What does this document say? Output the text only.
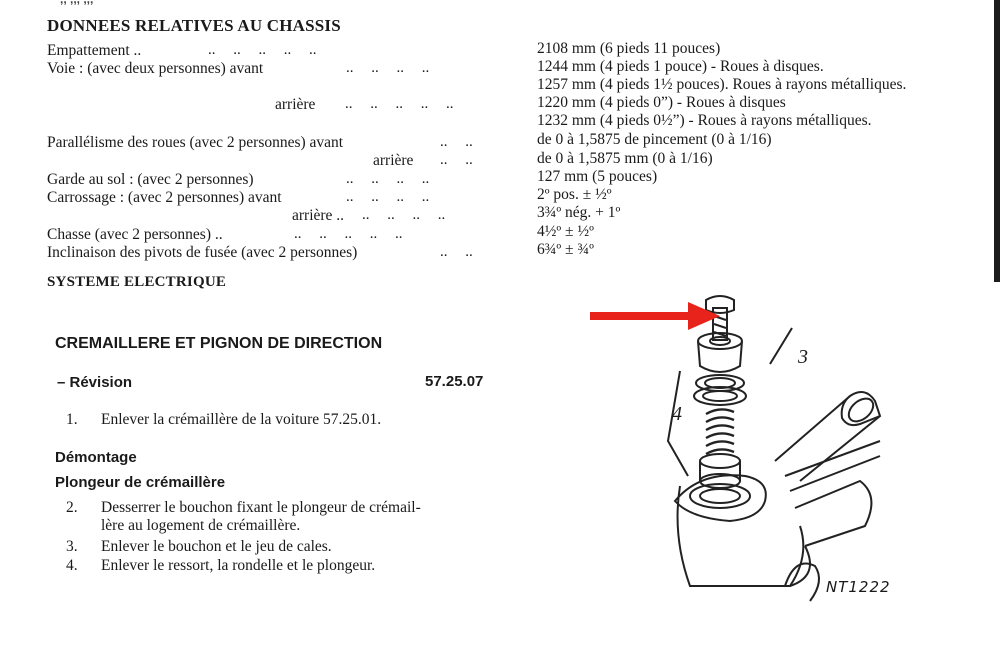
DONNEES RELATIVES AU CHASSIS
Empattement ..	.. .. .. .. ..	2108 mm (6 pieds 11 pouces)
Voie : (avec deux personnes) avant	.. .. .. ..	1244 mm (4 pieds 1 pouce) - Roues à disques.
1257 mm (4 pieds 1½ pouces). Roues à rayons métalliques.
arrière .. .. .. .. ..	1220 mm (4 pieds 0”) - Roues à disques
1232 mm (4 pieds 0½”) - Roues à rayons métalliques.
Parallélisme des roues (avec 2 personnes) avant	.. ..	de 0 à 1,5875 de pincement (0 à 1/16)
arrière .. ..	de 0 à 1,5875 mm (0 à 1/16)
Garde au sol : (avec 2 personnes)	.. .. .. ..	127 mm (5 pouces)
Carrossage : (avec 2 personnes) avant	.. .. .. ..	2º pos. ± ½º
arrière .. .. .. .. ..	3¾º nég. + 1º
Chasse (avec 2 personnes) ..	.. .. .. .. ..	4½º ± ½º
Inclinaison des pivots de fusée (avec 2 personnes)	.. ..	6¾º ± ¾º
SYSTEME ELECTRIQUE
CREMAILLERE ET PIGNON DE DIRECTION
– Révision	57.25.07
1. Enlever la crémaillère de la voiture 57.25.01.
Démontage
Plongeur de crémaillère
2. Desserrer le bouchon fixant le plongeur de crémail-
lère au logement de crémaillère.
3. Enlever le bouchon et le jeu de cales.
4. Enlever le ressort, la rondelle et le plongeur.
3
4
NT1222
